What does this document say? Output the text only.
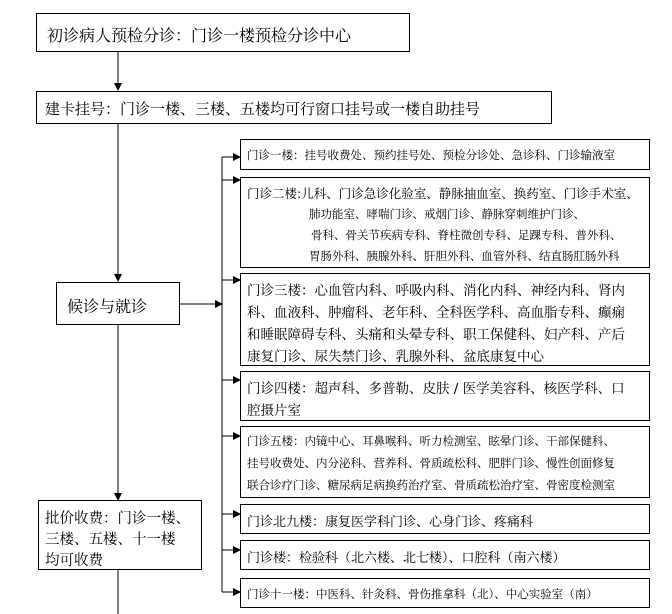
初诊病人预检分诊：门诊一楼预检分诊中心
建卡挂号：门诊一楼、三楼、五楼均可行窗口挂号或一楼自助挂号
候诊与就诊
批价收费：门诊一楼、
三楼、五楼、十一楼
均可收费
门诊一楼：挂号收费处、预约挂号处、预检分诊处、急诊科、门诊输液室
门诊二楼:儿科、门诊急诊化验室、静脉抽血室、换药室、门诊手术室、
肺功能室、哮喘门诊、戒烟门诊、静脉穿刺维护门诊、
骨科、骨关节疾病专科、脊柱微创专科、足踝专科、普外科、
胃肠外科、胰腺外科、肝胆外科、血管外科、结直肠肛肠外科
门诊三楼：心血管内科、呼吸内科、消化内科、神经内科、肾内
科、血液科、肿瘤科、老年科、全科医学科、高血脂专科、癫痫
和睡眠障碍专科、头痛和头晕专科、职工保健科、妇产科、产后
康复门诊、尿失禁门诊、乳腺外科、盆底康复中心
门诊四楼：超声科、多普勒、皮肤 / 医学美容科、核医学科、口
腔摄片室
门诊五楼：内镜中心、耳鼻喉科、听力检测室、眩晕门诊、干部保健科、
挂号收费处、内分泌科、营养科、骨质疏松科、肥胖门诊、慢性创面修复
联合诊疗门诊、糖尿病足病换药治疗室、骨质疏松治疗室、骨密度检测室
门诊北九楼：康复医学科门诊、心身门诊、疼痛科
门诊楼：检验科（北六楼、北七楼）、口腔科（南六楼）
门诊十一楼：中医科、针灸科、骨伤推拿科（北）、中心实验室（南）
